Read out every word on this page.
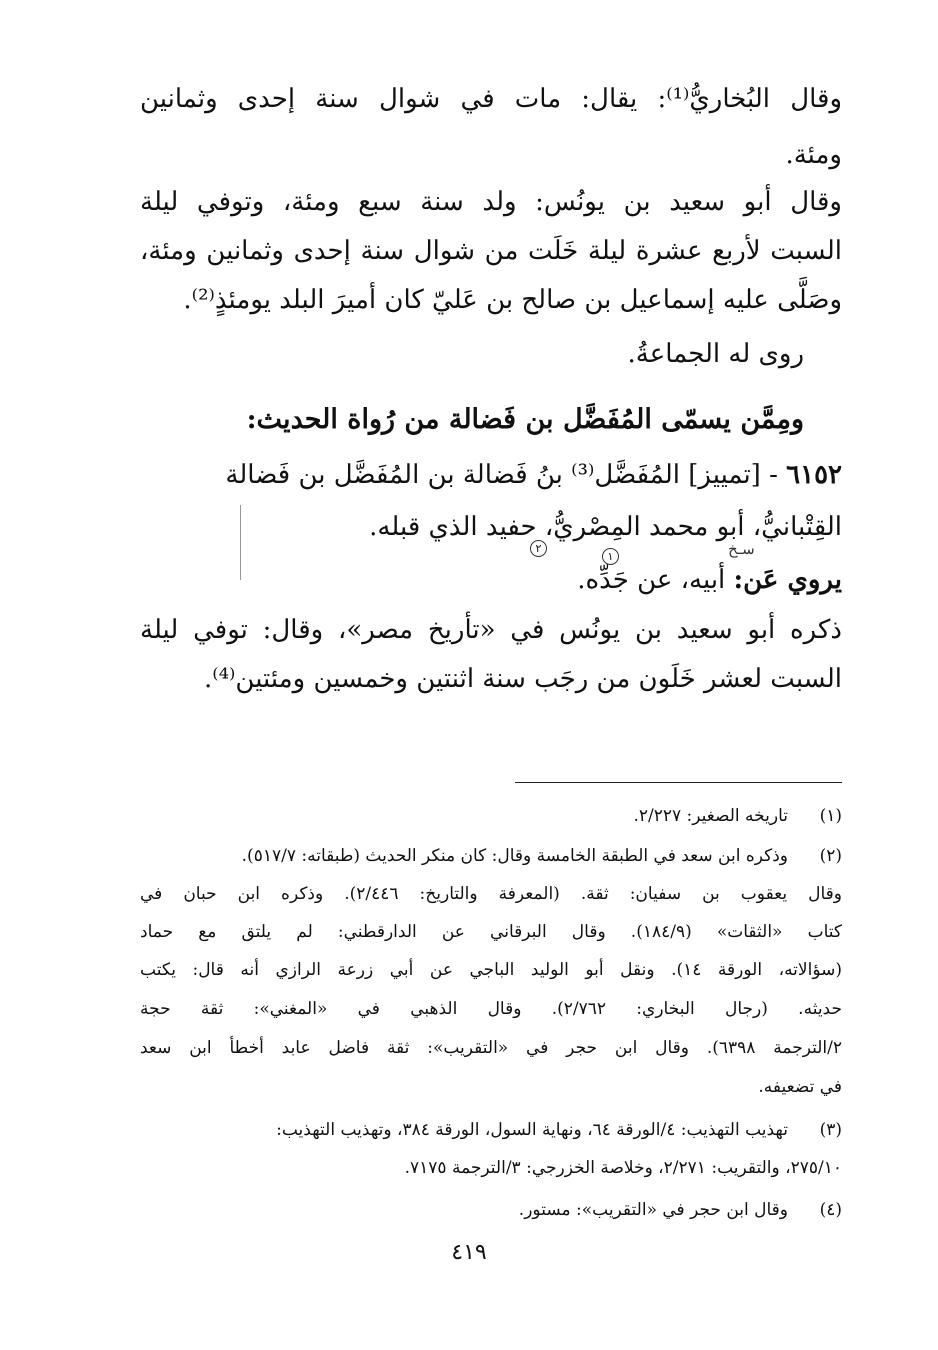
وقال البُخاريُّ⁽¹⁾: يقال: مات في شوال سنة إحدى وثمانين
ومئة.
وقال أبو سعيد بن يونُس: ولد سنة سبع ومئة، وتوفي ليلة
السبت لأربع عشرة ليلة خَلَت من شوال سنة إحدى وثمانين ومئة،
وصَلَّى عليه إسماعيل بن صالح بن عَليّ كان أميرَ البلد يومئذٍ⁽²⁾.
روى له الجماعةُ.
ومِمَّن يسمّى المُفَضَّل بن فَضالة من رُواة الحديث:
٦١٥٢ - [تمييز] المُفَضَّل⁽³⁾ بنُ فَضالة بن المُفَضَّل بن فَضالة
القِتْبانيُّ، أبو محمد المِصْريُّ، حفيد الذي قبله.
يروي عَن: أبيه، عن جَدِّه.
ذكره أبو سعيد بن يونُس في «تأريخ مصر»، وقال: توفي ليلة
السبت لعشر خَلَون من رجَب سنة اثنتين وخمسين ومئتين⁽⁴⁾.
١
٢	سـخ
(١)
تاريخه الصغير: ٢/٢٢٧.
(٢)
وذكره ابن سعد في الطبقة الخامسة وقال: كان منكر الحديث (طبقاته: ٥١٧/٧).
وقال يعقوب بن سفيان: ثقة. (المعرفة والتاريخ: ٢/٤٤٦). وذكره ابن حبان في
كتاب «الثقات» (١٨٤/٩). وقال البرقاني عن الدارقطني: لم يلتق مع حماد
(سؤالاته، الورقة ١٤). ونقل أبو الوليد الباجي عن أبي زرعة الرازي أنه قال: يكتب
حديثه. (رجال البخاري: ٢/٧٦٢). وقال الذهبي في «المغني»: ثقة حجة
٢/الترجمة ٦٣٩٨). وقال ابن حجر في «التقريب»: ثقة فاضل عابد أخطأ ابن سعد
في تضعيفه.
(٣)
تهذيب التهذيب: ٤/الورقة ٦٤، ونهاية السول، الورقة ٣٨٤، وتهذيب التهذيب:
٢٧٥/١٠، والتقريب: ٢/٢٧١، وخلاصة الخزرجي: ٣/الترجمة ٧١٧٥.
(٤)
وقال ابن حجر في «التقريب»: مستور.
٤١٩
